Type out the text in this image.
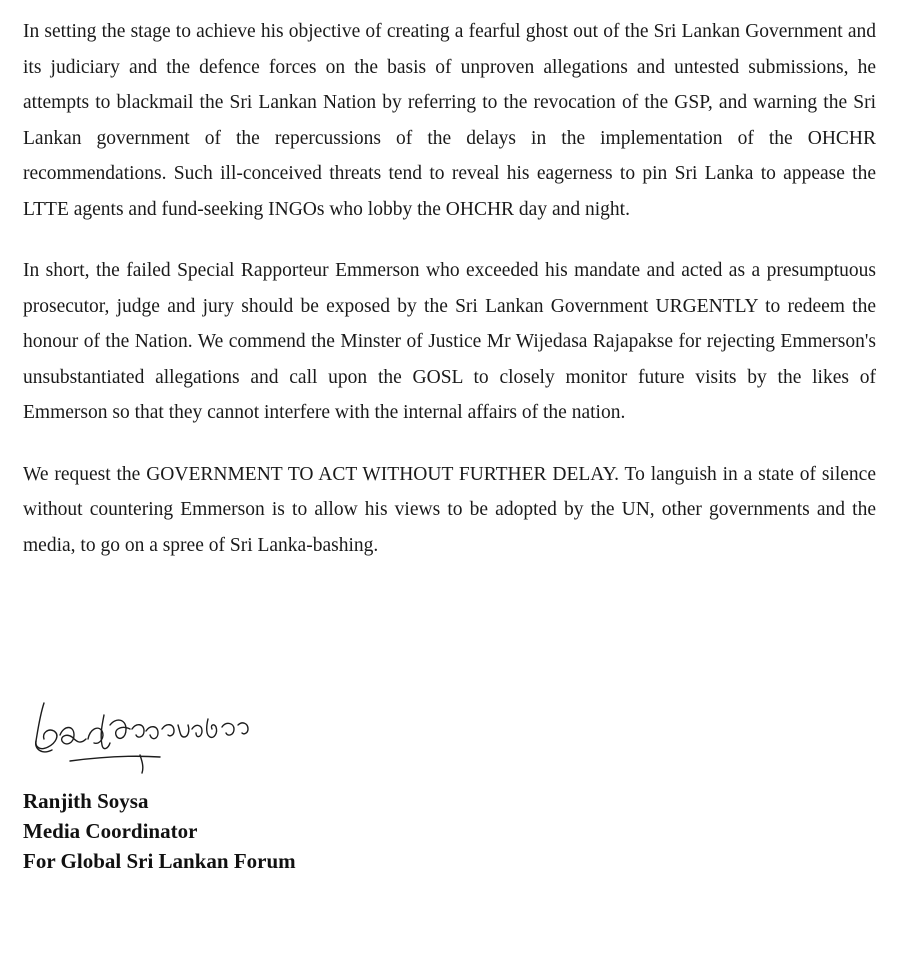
In setting the stage to achieve his objective of creating a fearful ghost out of the Sri Lankan Government and its judiciary and the defence forces on the basis of unproven allegations and untested submissions, he attempts to blackmail the Sri Lankan Nation by referring to the revocation of the GSP, and warning the Sri Lankan government of the repercussions of the delays in the implementation of the OHCHR recommendations. Such ill-conceived threats tend to reveal his eagerness to pin Sri Lanka to appease the LTTE agents and fund-seeking INGOs who lobby the OHCHR day and night.

In short, the failed Special Rapporteur Emmerson who exceeded his mandate and acted as a presumptuous prosecutor, judge and jury should be exposed by the Sri Lankan Government URGENTLY to redeem the honour of the Nation. We commend the Minster of Justice Mr Wijedasa Rajapakse for rejecting Emmerson's unsubstantiated allegations and call upon the GOSL to closely monitor future visits by the likes of Emmerson so that they cannot interfere with the internal affairs of the nation.

We request the GOVERNMENT TO ACT WITHOUT FURTHER DELAY. To languish in a state of silence without countering Emmerson is to allow his views to be adopted by the UN, other governments and the media, to go on a spree of Sri Lanka-bashing.

Ranjith Soysa
Media Coordinator
For Global Sri Lankan Forum
